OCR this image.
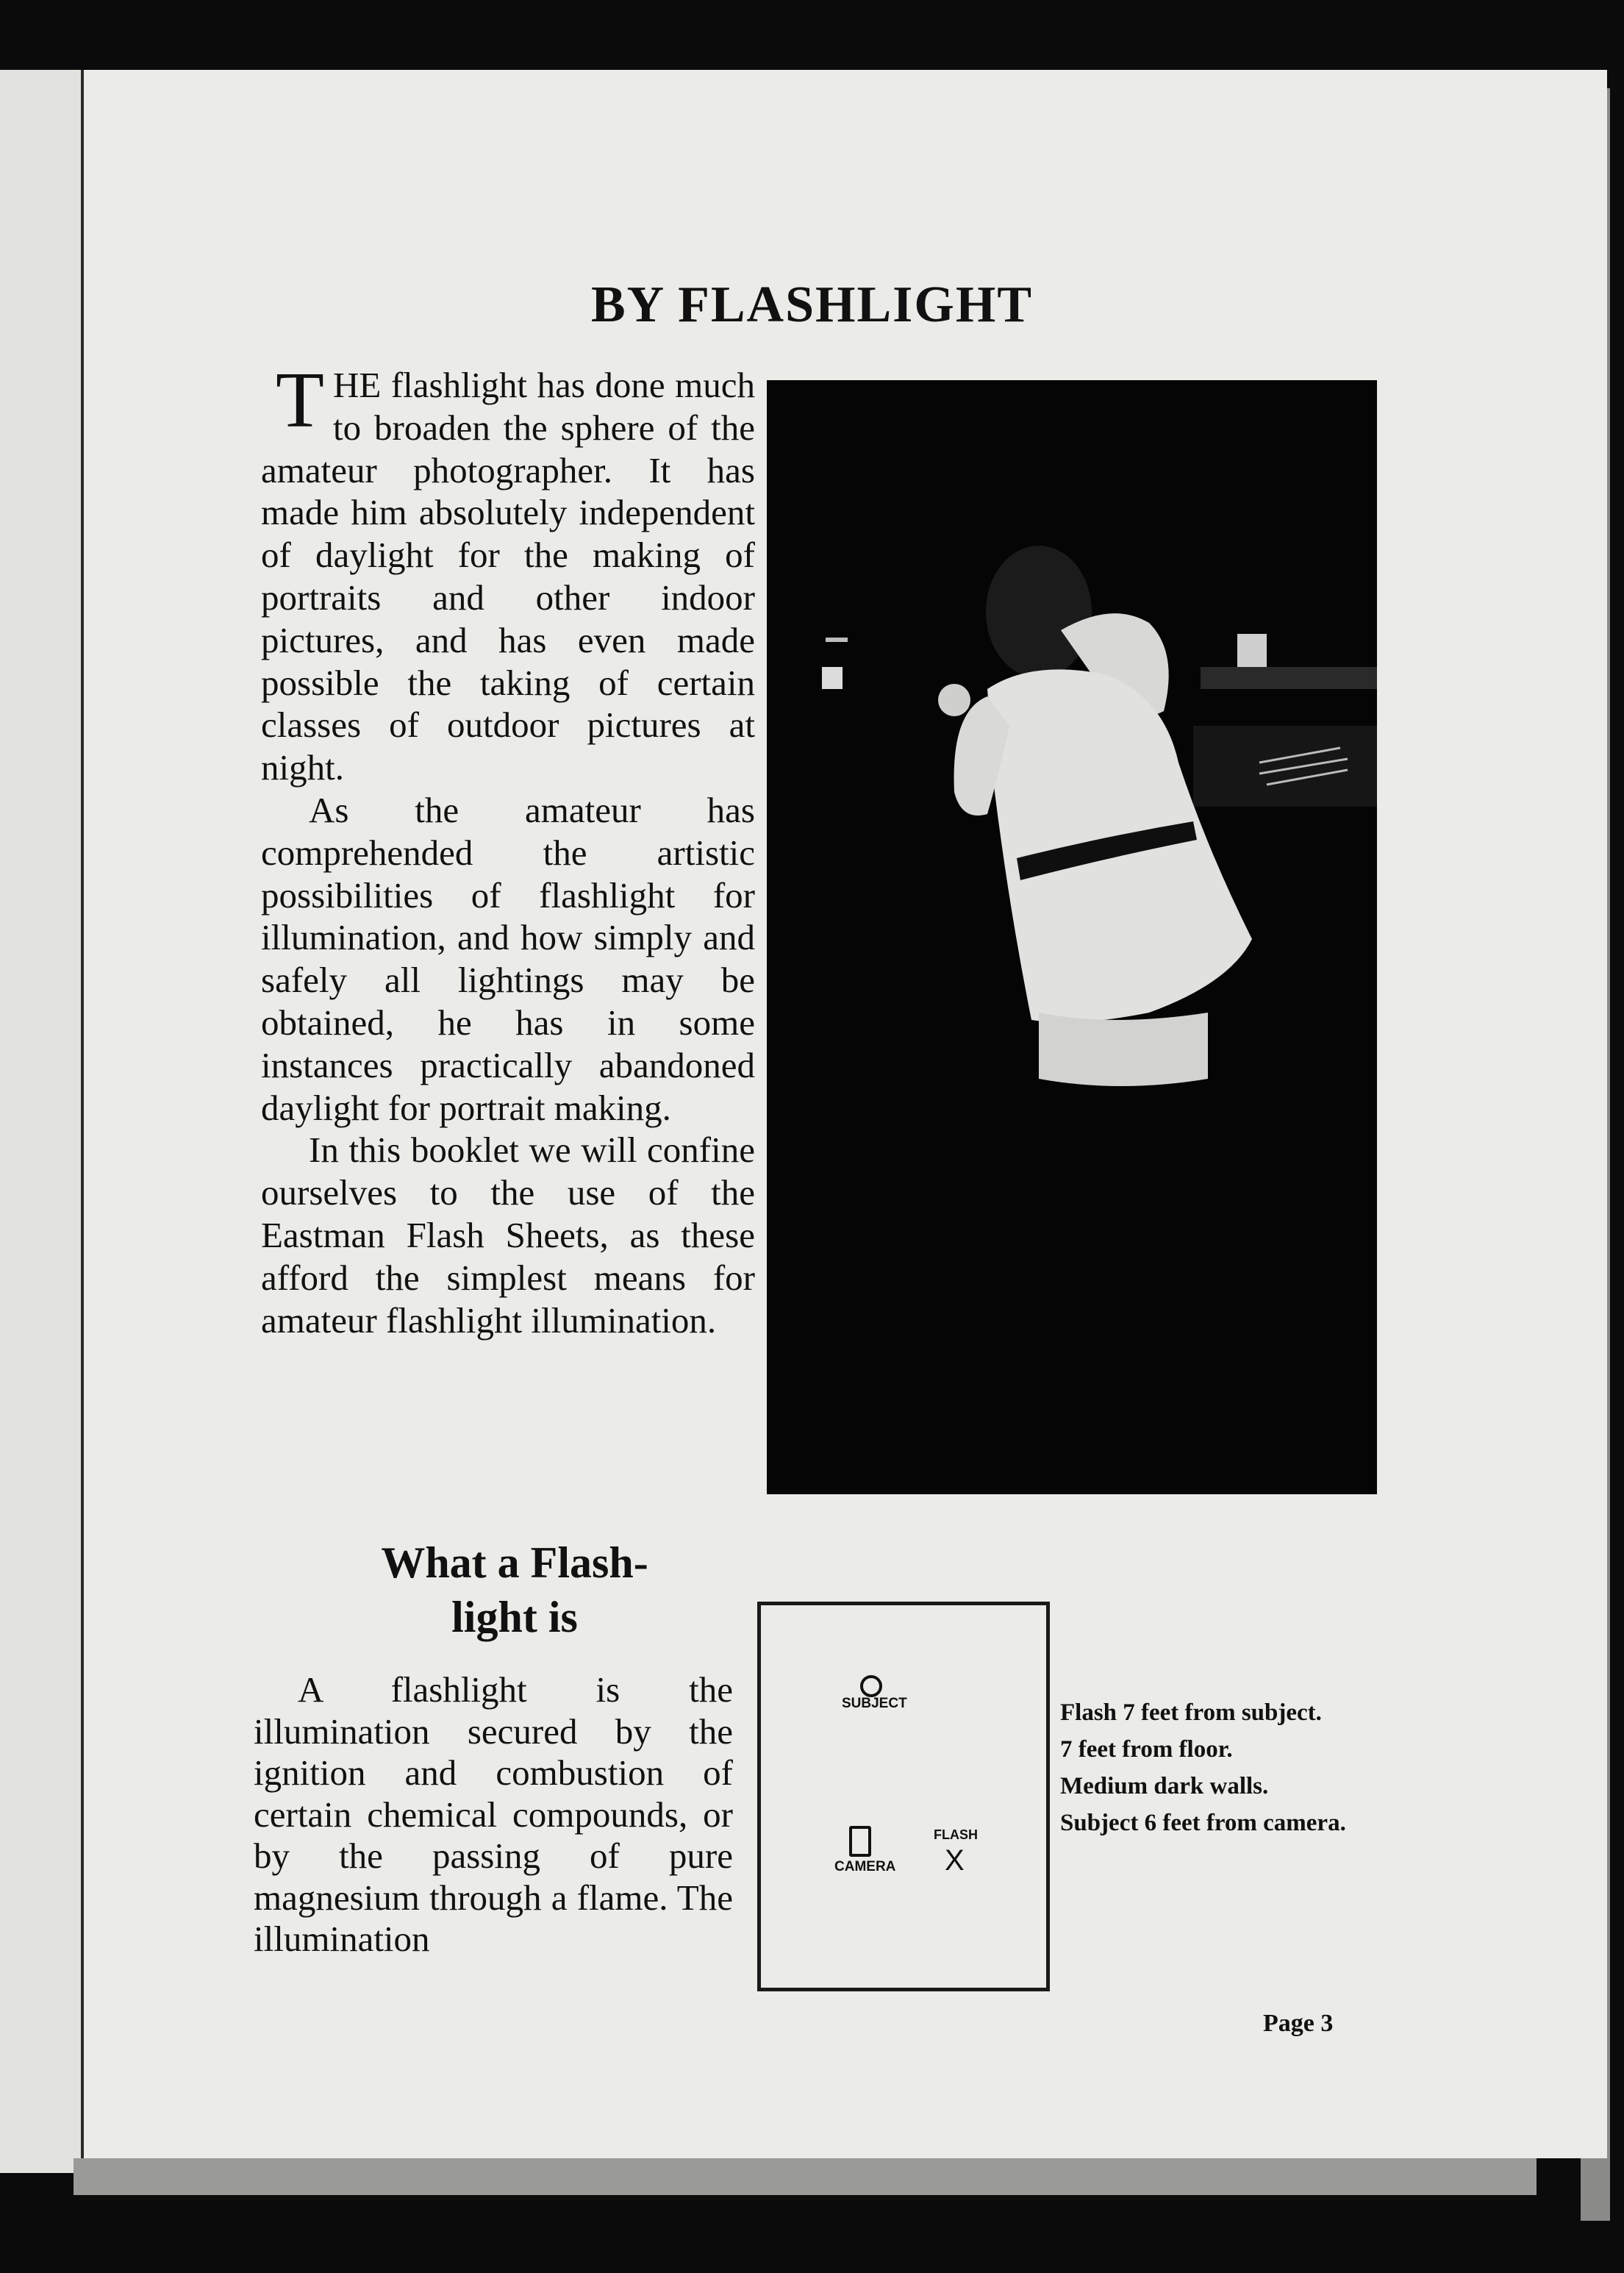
BY FLASHLIGHT

THE flashlight has done much to broaden the sphere of the amateur photographer. It has made him absolutely independent of daylight for the making of portraits and other indoor pictures, and has even made possible the taking of certain classes of outdoor pictures at night.

As the amateur has comprehended the artistic possibilities of flashlight for illumination, and how simply and safely all lightings may be obtained, he has in some instances practically abandoned daylight for portrait making.

In this booklet we will confine ourselves to the use of the Eastman Flash Sheets, as these afford the simplest means for amateur flashlight illumination.

What a Flash-
light is

A flashlight is the illumination secured by the ignition and combustion of certain chemical compounds, or by the passing of pure magnesium through a flame. The illumination

SUBJECT
CAMERA
FLASH
X
Flash 7 feet from subject.
7 feet from floor.
Medium dark walls.
Subject 6 feet from camera.
Page 3
